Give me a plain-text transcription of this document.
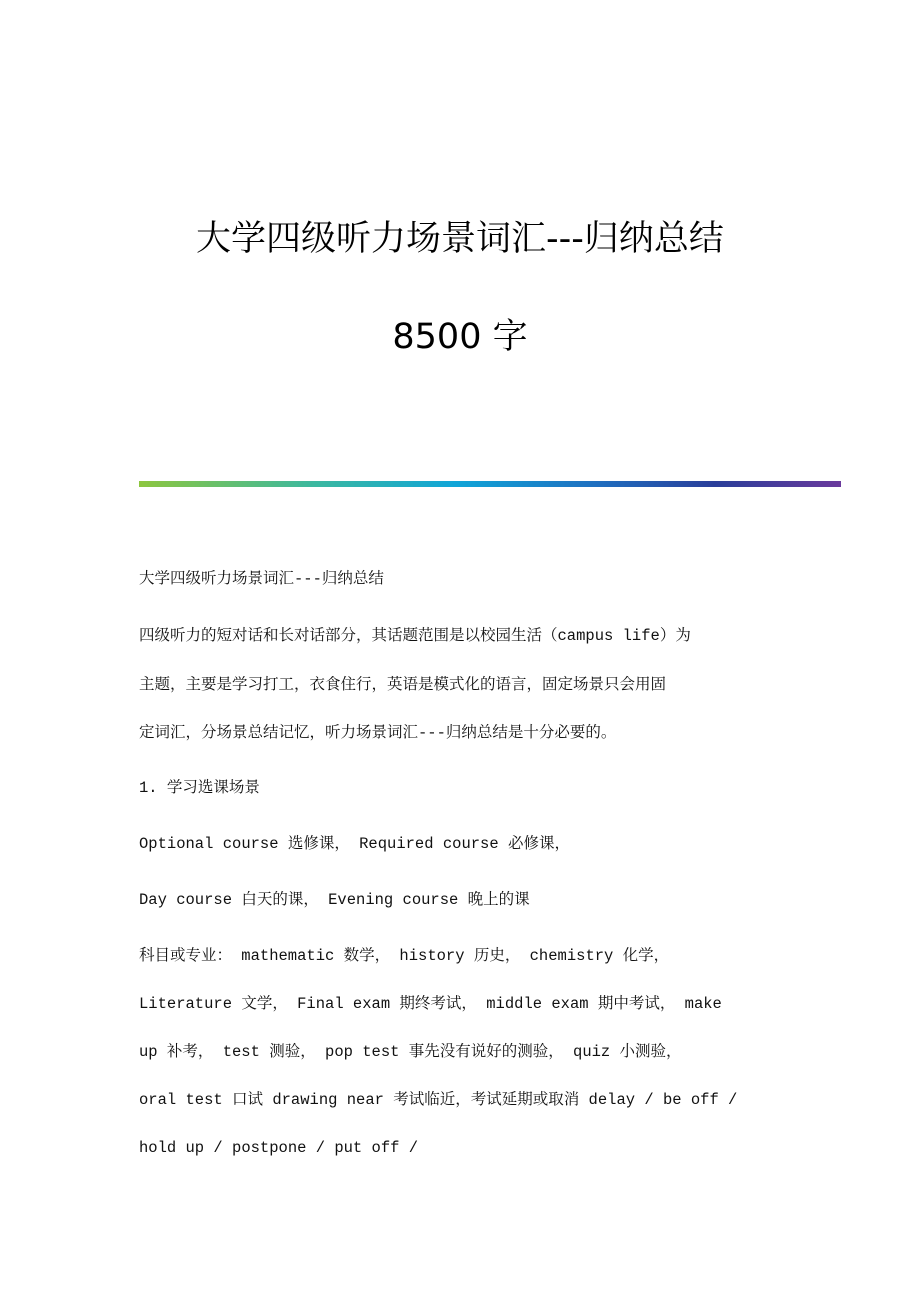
大学四级听力场景词汇---归纳总结
8500 字
大学四级听力场景词汇---归纳总结
四级听力的短对话和长对话部分，其话题范围是以校园生活（campus life）为
主题，主要是学习打工，衣食住行，英语是模式化的语言，固定场景只会用固
定词汇，分场景总结记忆，听力场景词汇---归纳总结是十分必要的。
1. 学习选课场景
Optional course 选修课， Required course 必修课，
Day course 白天的课， Evening course 晚上的课
科目或专业： mathematic 数学， history 历史， chemistry 化学，
Literature 文学， Final exam 期终考试， middle exam 期中考试， make
up 补考， test 测验， pop test 事先没有说好的测验， quiz 小测验，
oral test 口试 drawing near 考试临近，考试延期或取消 delay / be off /
hold up / postpone / put off /
